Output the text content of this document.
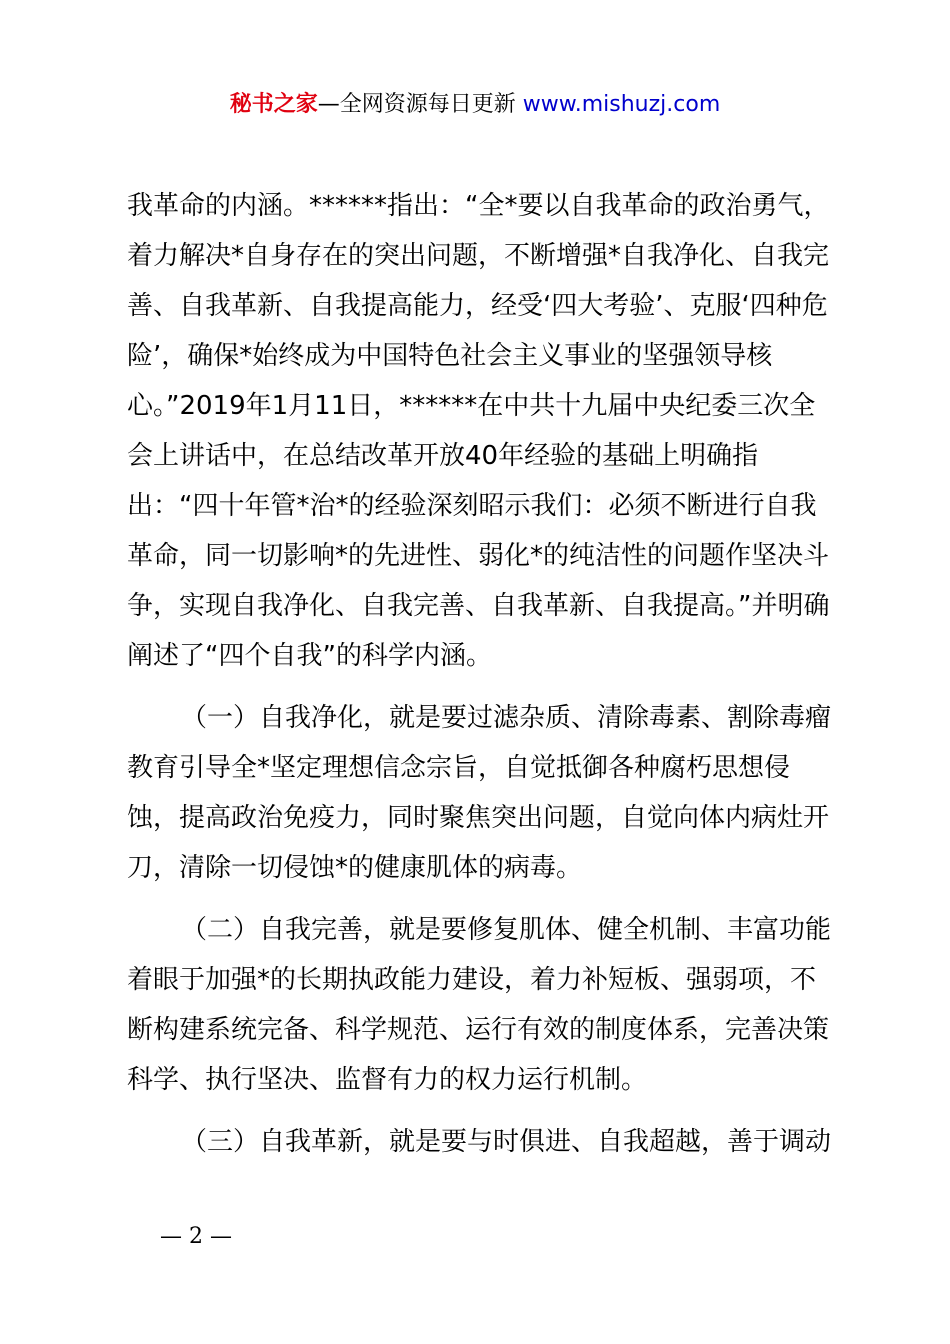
秘书之家—全网资源每日更新 www.mishuzj.com

我革命的内涵。******指出：“全*要以自我革命的政治勇气，着力解决*自身存在的突出问题，不断增强*自我净化、自我完善、自我革新、自我提高能力，经受‘四大考验’、克服‘四种危险’，确保*始终成为中国特色社会主义事业的坚强领导核心。”2019年1月11日，******在中共十九届中央纪委三次全会上讲话中，在总结改革开放40年经验的基础上明确指出：“四十年管*治*的经验深刻昭示我们：必须不断进行自我革命，同一切影响*的先进性、弱化*的纯洁性的问题作坚决斗争，实现自我净化、自我完善、自我革新、自我提高。”并明确阐述了“四个自我”的科学内涵。

（一）自我净化，就是要过滤杂质、清除毒素、割除毒瘤教育引导全*坚定理想信念宗旨，自觉抵御各种腐朽思想侵蚀，提高政治免疫力，同时聚焦突出问题，自觉向体内病灶开刀，清除一切侵蚀*的健康肌体的病毒。

（二）自我完善，就是要修复肌体、健全机制、丰富功能着眼于加强*的长期执政能力建设，着力补短板、强弱项，不断构建系统完备、科学规范、运行有效的制度体系，完善决策科学、执行坚决、监督有力的权力运行机制。

（三）自我革新，就是要与时俱进、自我超越，善于调动

— 2 —
